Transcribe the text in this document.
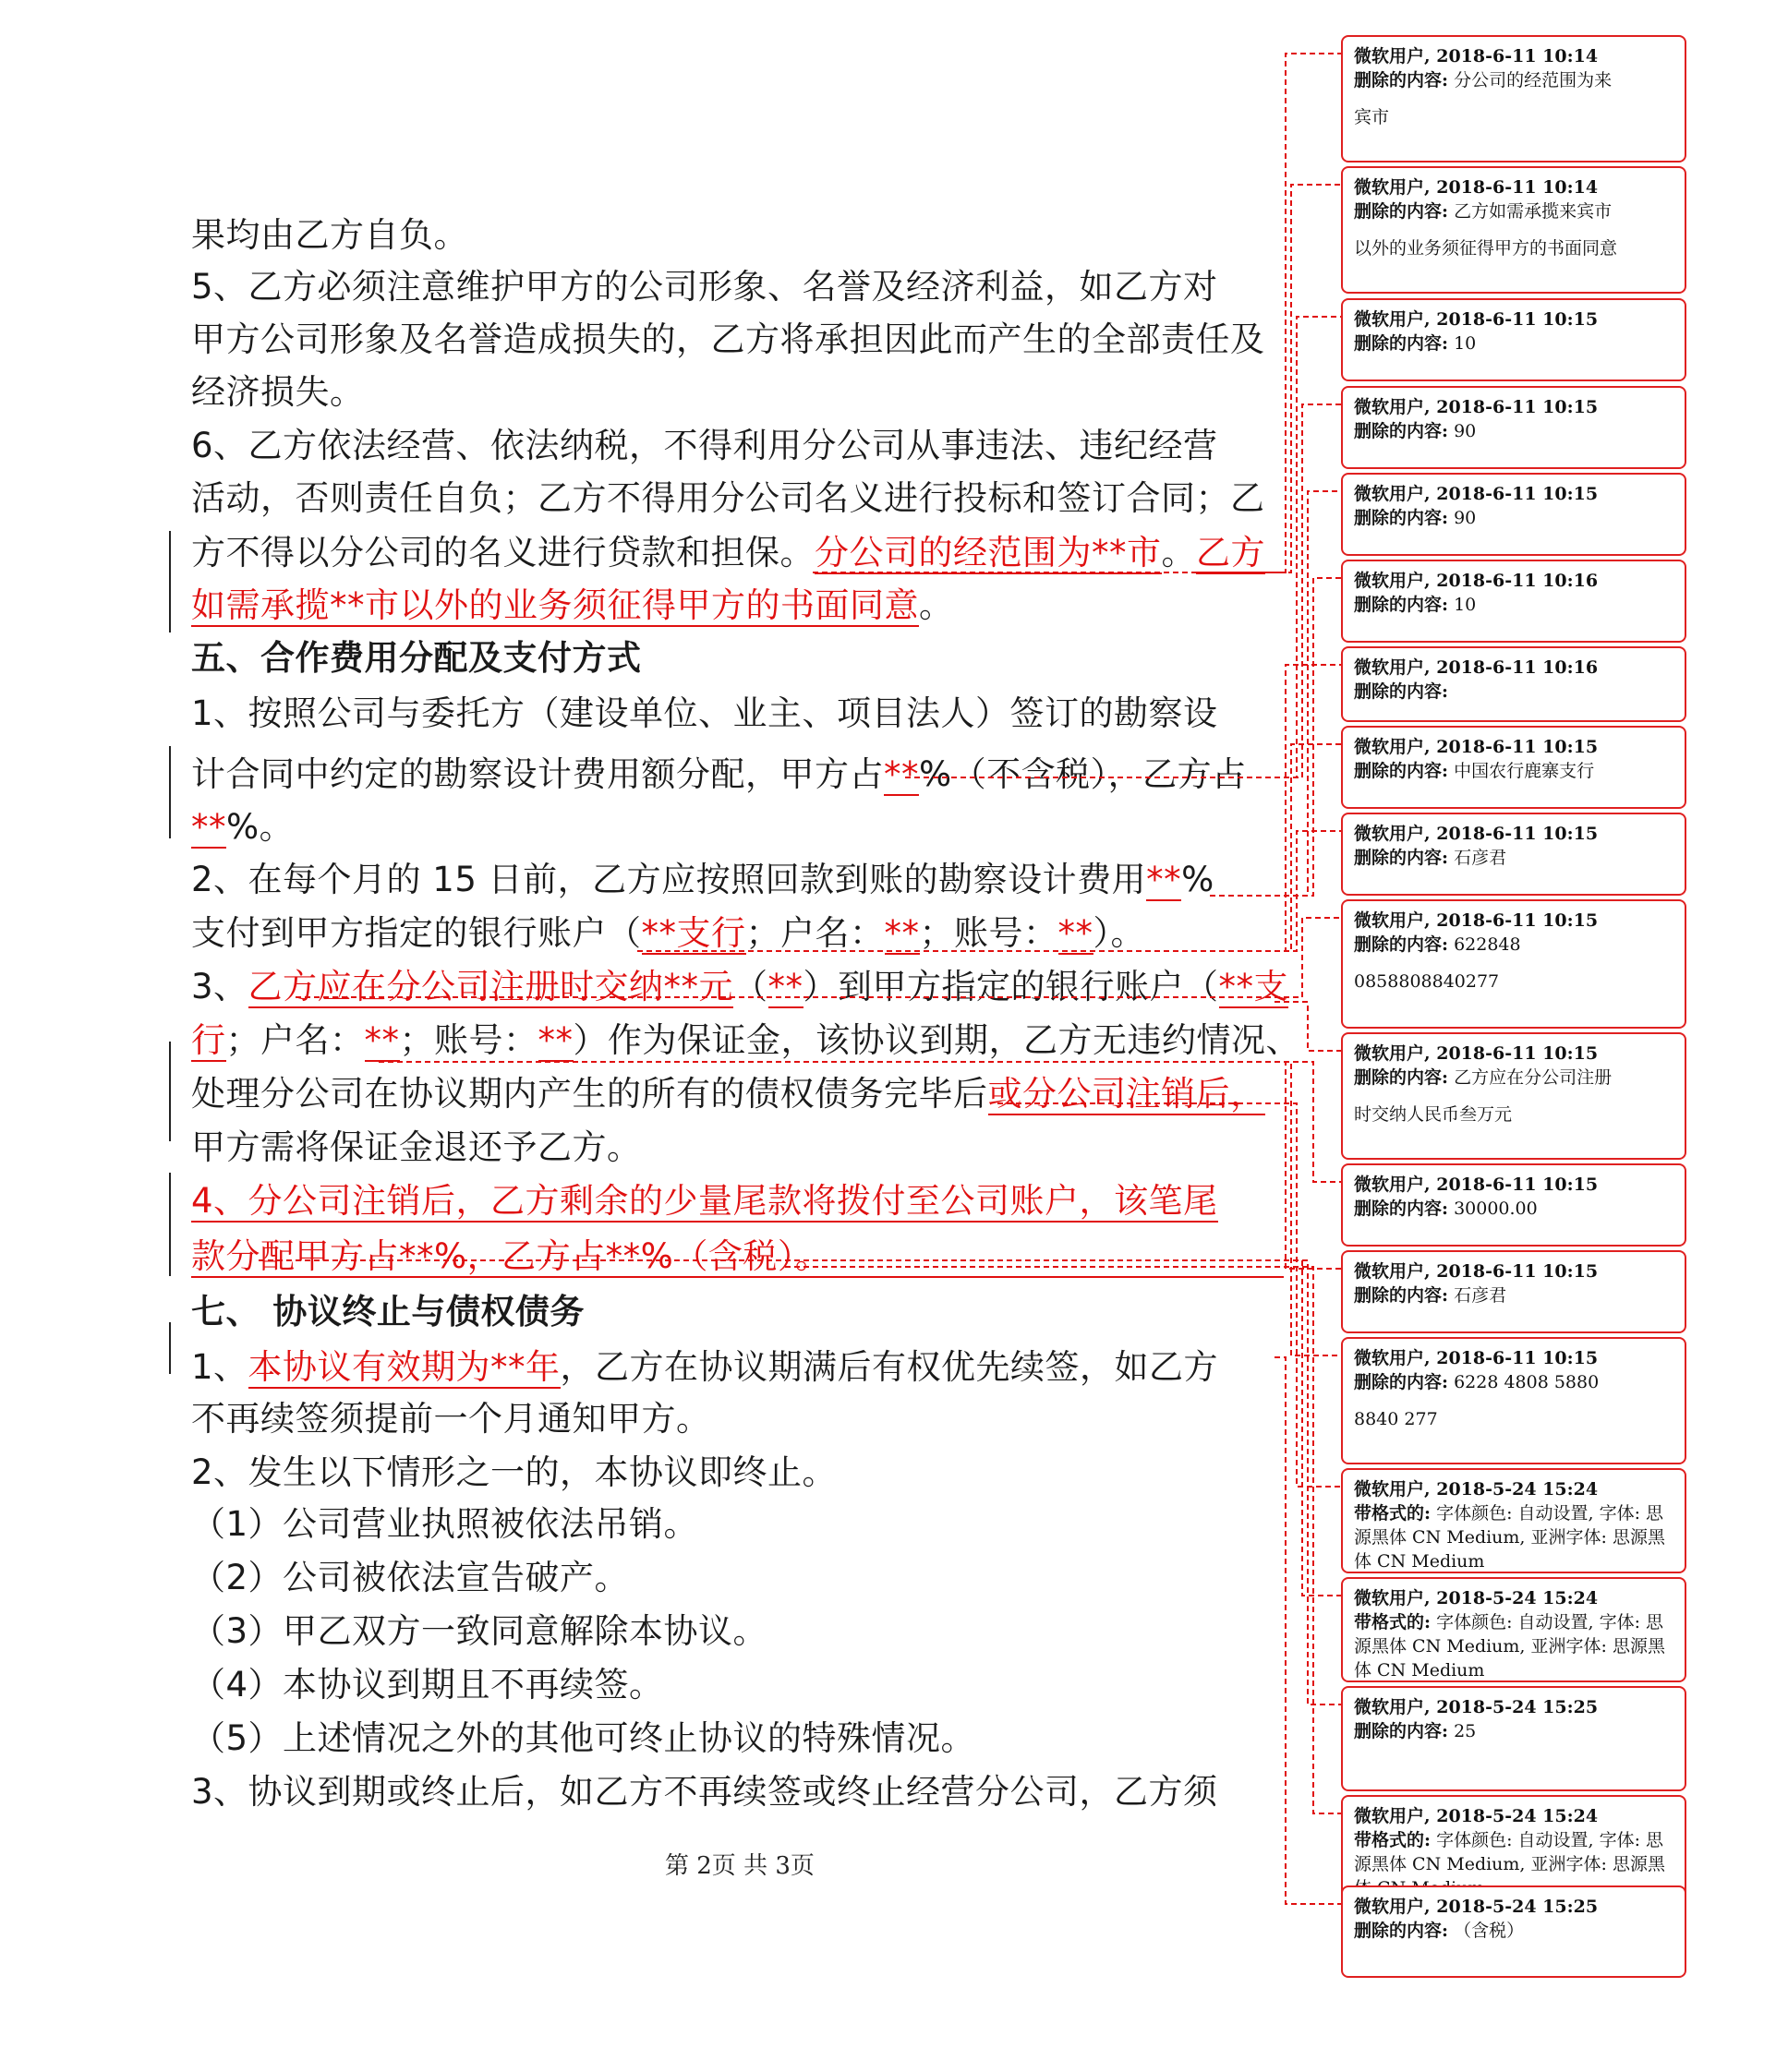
果均由乙方自负。
5、乙方必须注意维护甲方的公司形象、名誉及经济利益，如乙方对
甲方公司形象及名誉造成损失的，乙方将承担因此而产生的全部责任及
经济损失。
6、乙方依法经营、依法纳税，不得利用分公司从事违法、违纪经营
活动，否则责任自负；乙方不得用分公司名义进行投标和签订合同；乙
方不得以分公司的名义进行贷款和担保。分公司的经范围为**市。乙方
如需承揽**市以外的业务须征得甲方的书面同意。
五、合作费用分配及支付方式
1、按照公司与委托方（建设单位、业主、项目法人）签订的勘察设
计合同中约定的勘察设计费用额分配，甲方占**%（不含税），乙方占
**%。
2、在每个月的 15 日前，乙方应按照回款到账的勘察设计费用**%
支付到甲方指定的银行账户（**支行；户名：**；账号：**）。
3、乙方应在分公司注册时交纳**元（**）到甲方指定的银行账户（**支
行；户名：**；账号：**）作为保证金，该协议到期，乙方无违约情况、
处理分公司在协议期内产生的所有的债权债务完毕后或分公司注销后，
甲方需将保证金退还予乙方。
4、分公司注销后，乙方剩余的少量尾款将拨付至公司账户，该笔尾
款分配甲方占**%，乙方占**%（含税）。
七、 协议终止与债权债务
1、本协议有效期为**年，乙方在协议期满后有权优先续签，如乙方
不再续签须提前一个月通知甲方。
2、发生以下情形之一的，本协议即终止。
（1）公司营业执照被依法吊销。
（2）公司被依法宣告破产。
（3）甲乙双方一致同意解除本协议。
（4）本协议到期且不再续签。
（5）上述情况之外的其他可终止协议的特殊情况。
3、协议到期或终止后，如乙方不再续签或终止经营分公司，乙方须
第 2页 共 3页
微软用户, 2018-6-11 10:14
删除的内容: 分公司的经范围为来
宾市
微软用户, 2018-6-11 10:14
删除的内容: 乙方如需承揽来宾市
以外的业务须征得甲方的书面同意
微软用户, 2018-6-11 10:15
删除的内容: 10
微软用户, 2018-6-11 10:15
删除的内容: 90
微软用户, 2018-6-11 10:15
删除的内容: 90
微软用户, 2018-6-11 10:16
删除的内容: 10
微软用户, 2018-6-11 10:16
删除的内容:
微软用户, 2018-6-11 10:15
删除的内容: 中国农行鹿寨支行
微软用户, 2018-6-11 10:15
删除的内容: 石彦君
微软用户, 2018-6-11 10:15
删除的内容: 622848
0858808840277
微软用户, 2018-6-11 10:15
删除的内容: 乙方应在分公司注册
时交纳人民币叁万元
微软用户, 2018-6-11 10:15
删除的内容: 30000.00
微软用户, 2018-6-11 10:15
删除的内容: 石彦君
微软用户, 2018-6-11 10:15
删除的内容: 6228 4808 5880
8840 277
微软用户, 2018-5-24 15:24
带格式的: 字体颜色: 自动设置, 字体: 思源黑体 CN Medium, 亚洲字体: 思源黑体 CN Medium
微软用户, 2018-5-24 15:24
带格式的: 字体颜色: 自动设置, 字体: 思源黑体 CN Medium, 亚洲字体: 思源黑体 CN Medium
微软用户, 2018-5-24 15:25
删除的内容: 25
微软用户, 2018-5-24 15:24
带格式的: 字体颜色: 自动设置, 字体: 思源黑体 CN Medium, 亚洲字体: 思源黑
微软用户, 2018-5-24 15:25
删除的内容: （含税）
